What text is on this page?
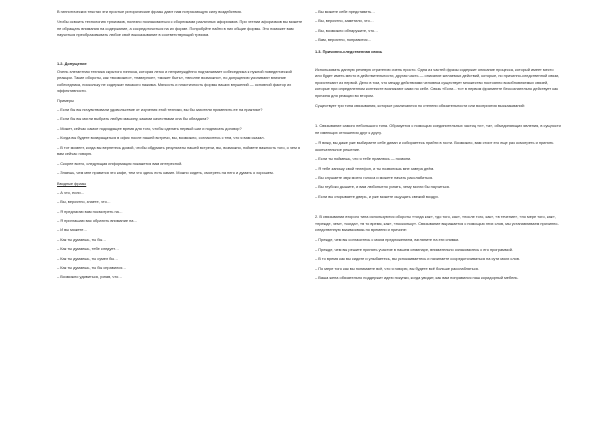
В гипнотических текстах эти простые риторические фразы дают нам потрясающую силу воздействия.

Чтобы освоить технологию трюизмов, полезно познакомиться с сборниками различных афоризмов. При чтении афоризмов вы можете не обращать внимания на содержание, а сосредоточиться на их форме. Попробуйте найти в них общие формы. Это поможет вам научиться преобразовывать любое своё высказывание в соответствующий трюизм.

1.2. Допущение

Очень элегантная техника скрытого гипноза, которая легко и непринуждённо подталкивает собеседника к нужной поведенческой реакции. Такие обороты, как «возможно», «наверное», «может быть», «вполне возможно», по допущению усиливают влияние собеседника, поскольку не содержат никакого нажима. Мягкость и пластичность формы ваших внушений — основной фактор их эффективности.

Примеры

– Если бы вы почувствовали удовольствие от изучения этой техники, вы бы захотели применить ее на практике?

– Если бы вы могли выбрать любую машину, какими качествами она бы обладала?

– Может, сейчас самое подходящее время для того, чтобы сделать первый шаг и подписать договор?

– Когда вы будете возвращаться в офис после нашей встречи, вы, возможно, согласитесь с тем, что я вам сказал.

– В тот момент, когда вы вернетесь домой, чтобы обдумать результаты нашей встречи, вы, возможно, поймете важность того, о чем я вам сейчас говорю.

– Скорее всего, следующая информация покажется вам интересной.

– Знаешь, чем мне нравится это кафе, тем что здесь есть камин. Можно сидеть, смотреть на него и думать о хорошем.

Вводные фразы

– А что, если…

– Вы, вероятно, знаете, что…

– Я предлагаю вам посмотреть на…

– Я приглашаю вас обратить внимание на…

– И вы можете…

– Как ты думаешь, ты бы…

– Как ты думаешь, тебе следует…

– Как ты думаешь, ты сумел бы…

– Как ты думаешь, ты бы справился…

– Возможно удивиться, узнав, что…

– Вы можете себе представить…

– Вы, вероятно, заметили, что…

– Вы, возможно обнаружите, что…

– Вам, вероятно, понравится…

1.3. Причинно-следственная связь

Использовать данную речевую стратегию очень просто. Одна из частей фразы содержит описание процесса, который имеет место или будет иметь место в действительности, другая часть — описание желаемых действий, которые, по причинно-следственной связи, проистекают из первой. Дело в том, что между действиями человека существует множество постоянно возобновляемых связей, которые при определенном контексте возникают сами по себе. Связь «Если... то» в первом фрагменте бессознательно действует как причина для реакции во втором.

Существует три типа связывания, которые различаются по степени обязательности или восприятия высказываний:

1. Связывание самого небольшого типа. Образуется с помощью соединительных частиц «и», «а», объединяющих явления, в сущности не имеющих отношения друг к другу.

– Я вижу, вы даже уже выбираете себе диван и собираетесь прийти в гости. Возможно, вам стоит его еще раз осмотреть и принять окончательное решение.

– Если ты поймешь, что я тебе нравлюсь — позвони.

– Я тебе запишу свой телефон, и ты позвонишь мне завтра днём.

– Вы слушаете звук моего голоса и можете начать расслабиться.

– Вы глубоко дышите, и вам любопытно узнать, чему могли бы научиться.

– Если вы открываете дверь, и уже можете ощущать свежий воздух.

2. В связывании второго типа используются обороты «тогда как», «до того, как», «после того, как», «в течение», «по мере того, как», «прежде, чем», «когда», «в то время, как», «поскольку». Связывание выражается с помощью этих слов, мы устанавливаем причинно-следственную взаимосвязь по времени и причине:

– Прежде, чем вы согласитесь с моим предложением, взгляните на эти снимки.

– Прежде, чем вы решите принять участие в нашем семинаре, внимательно ознакомьтесь с его программой.

– В то время как вы сидите и улыбаетесь, вы успокаиваетесь и начинаете сосредоточиваться на сути моих слов.

– По мере того как вы понимаете всё, что я говорю, вы будете всё больше расслабляться.

– Ваша жена обязательно поддержит идею покупки, когда увидит, как вам понравился наш коридорный мебель.
